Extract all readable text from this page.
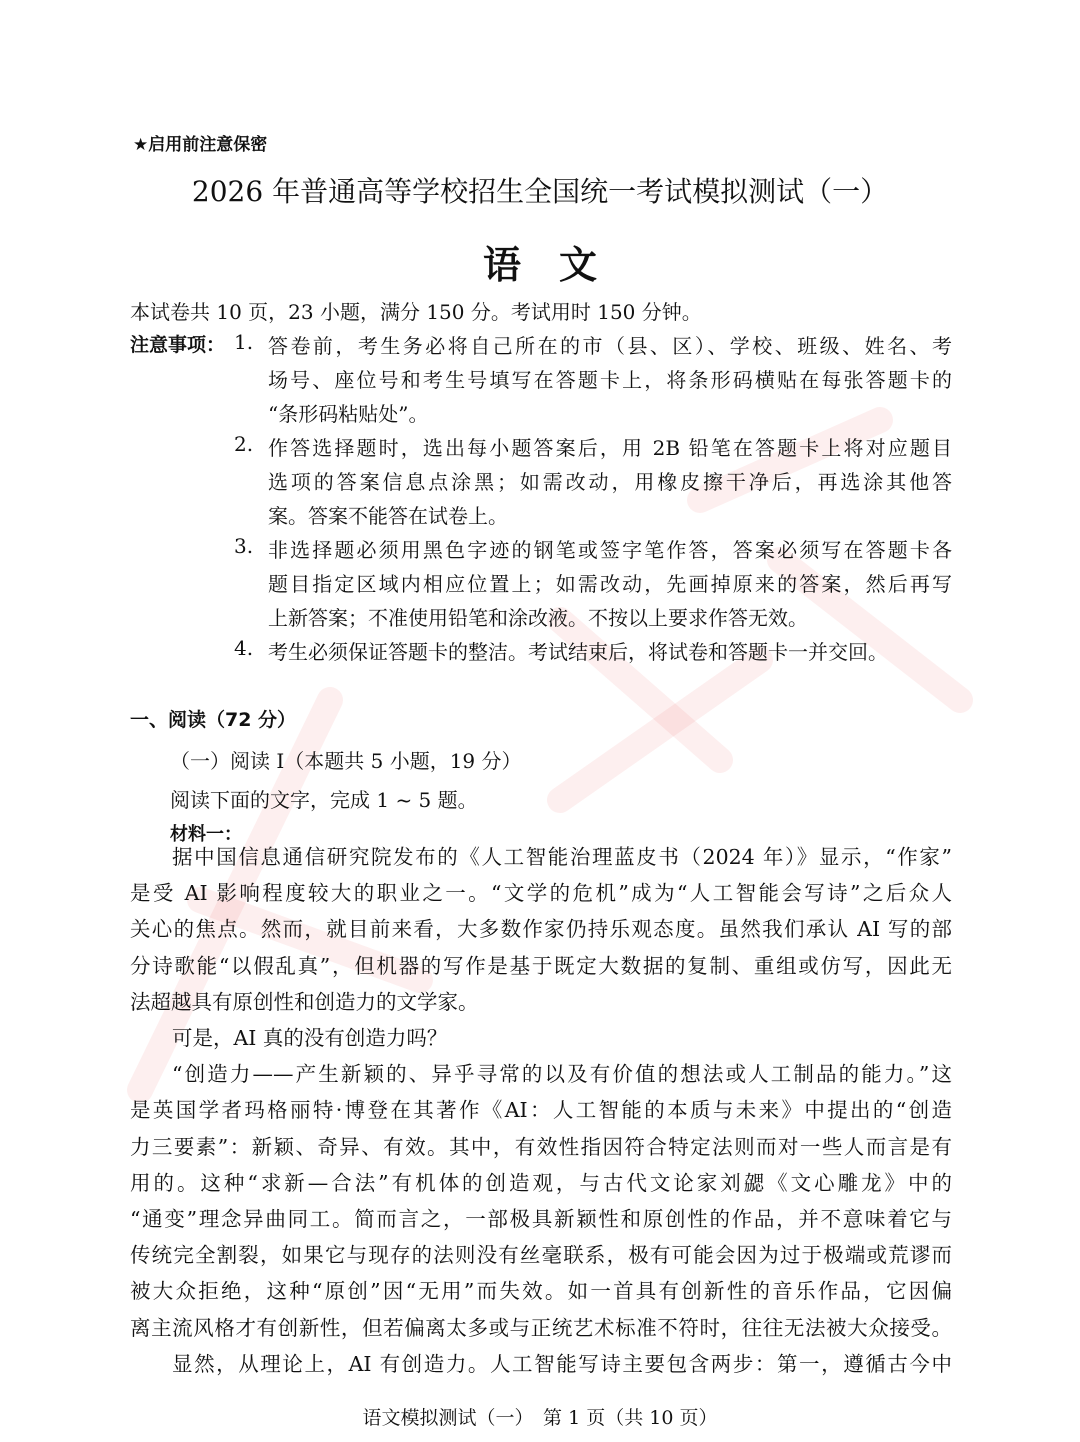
★启用前注意保密
2026 年普通高等学校招生全国统一考试模拟测试（一）
语　文
本试卷共 10 页，23 小题，满分 150 分。考试用时 150 分钟。
注意事项： 1. 答卷前，考生务必将自己所在的市（县、区）、学校、班级、姓名、考
场号、座位号和考生号填写在答题卡上，将条形码横贴在每张答题卡的
“条形码粘贴处”。
2. 作答选择题时，选出每小题答案后，用 2B 铅笔在答题卡上将对应题目
选项的答案信息点涂黑；如需改动，用橡皮擦干净后，再选涂其他答
案。答案不能答在试卷上。
3. 非选择题必须用黑色字迹的钢笔或签字笔作答，答案必须写在答题卡各
题目指定区域内相应位置上；如需改动，先画掉原来的答案，然后再写
上新答案；不准使用铅笔和涂改液。不按以上要求作答无效。
4. 考生必须保证答题卡的整洁。考试结束后，将试卷和答题卡一并交回。
一、阅读（72 分）
（一）阅读 I（本题共 5 小题，19 分）
阅读下面的文字，完成 1 ~ 5 题。
材料一：
据中国信息通信研究院发布的《人工智能治理蓝皮书（2024 年）》显示，“作家”
是受 AI 影响程度较大的职业之一。“文学的危机”成为“人工智能会写诗”之后众人
关心的焦点。然而，就目前来看，大多数作家仍持乐观态度。虽然我们承认 AI 写的部
分诗歌能“以假乱真”，但机器的写作是基于既定大数据的复制、重组或仿写，因此无
法超越具有原创性和创造力的文学家。
可是，AI 真的没有创造力吗？
“创造力——产生新颖的、异乎寻常的以及有价值的想法或人工制品的能力。”这
是英国学者玛格丽特·博登在其著作《AI：人工智能的本质与未来》中提出的“创造
力三要素”：新颖、奇异、有效。其中，有效性指因符合特定法则而对一些人而言是有
用的。这种“求新—合法”有机体的创造观，与古代文论家刘勰《文心雕龙》中的
“通变”理念异曲同工。简而言之，一部极具新颖性和原创性的作品，并不意味着它与
传统完全割裂，如果它与现存的法则没有丝毫联系，极有可能会因为过于极端或荒谬而
被大众拒绝，这种“原创”因“无用”而失效。如一首具有创新性的音乐作品，它因偏
离主流风格才有创新性，但若偏离太多或与正统艺术标准不符时，往往无法被大众接受。
显然，从理论上，AI 有创造力。人工智能写诗主要包含两步：第一，遵循古今中
语文模拟测试（一）　第 1 页（共 10 页）
